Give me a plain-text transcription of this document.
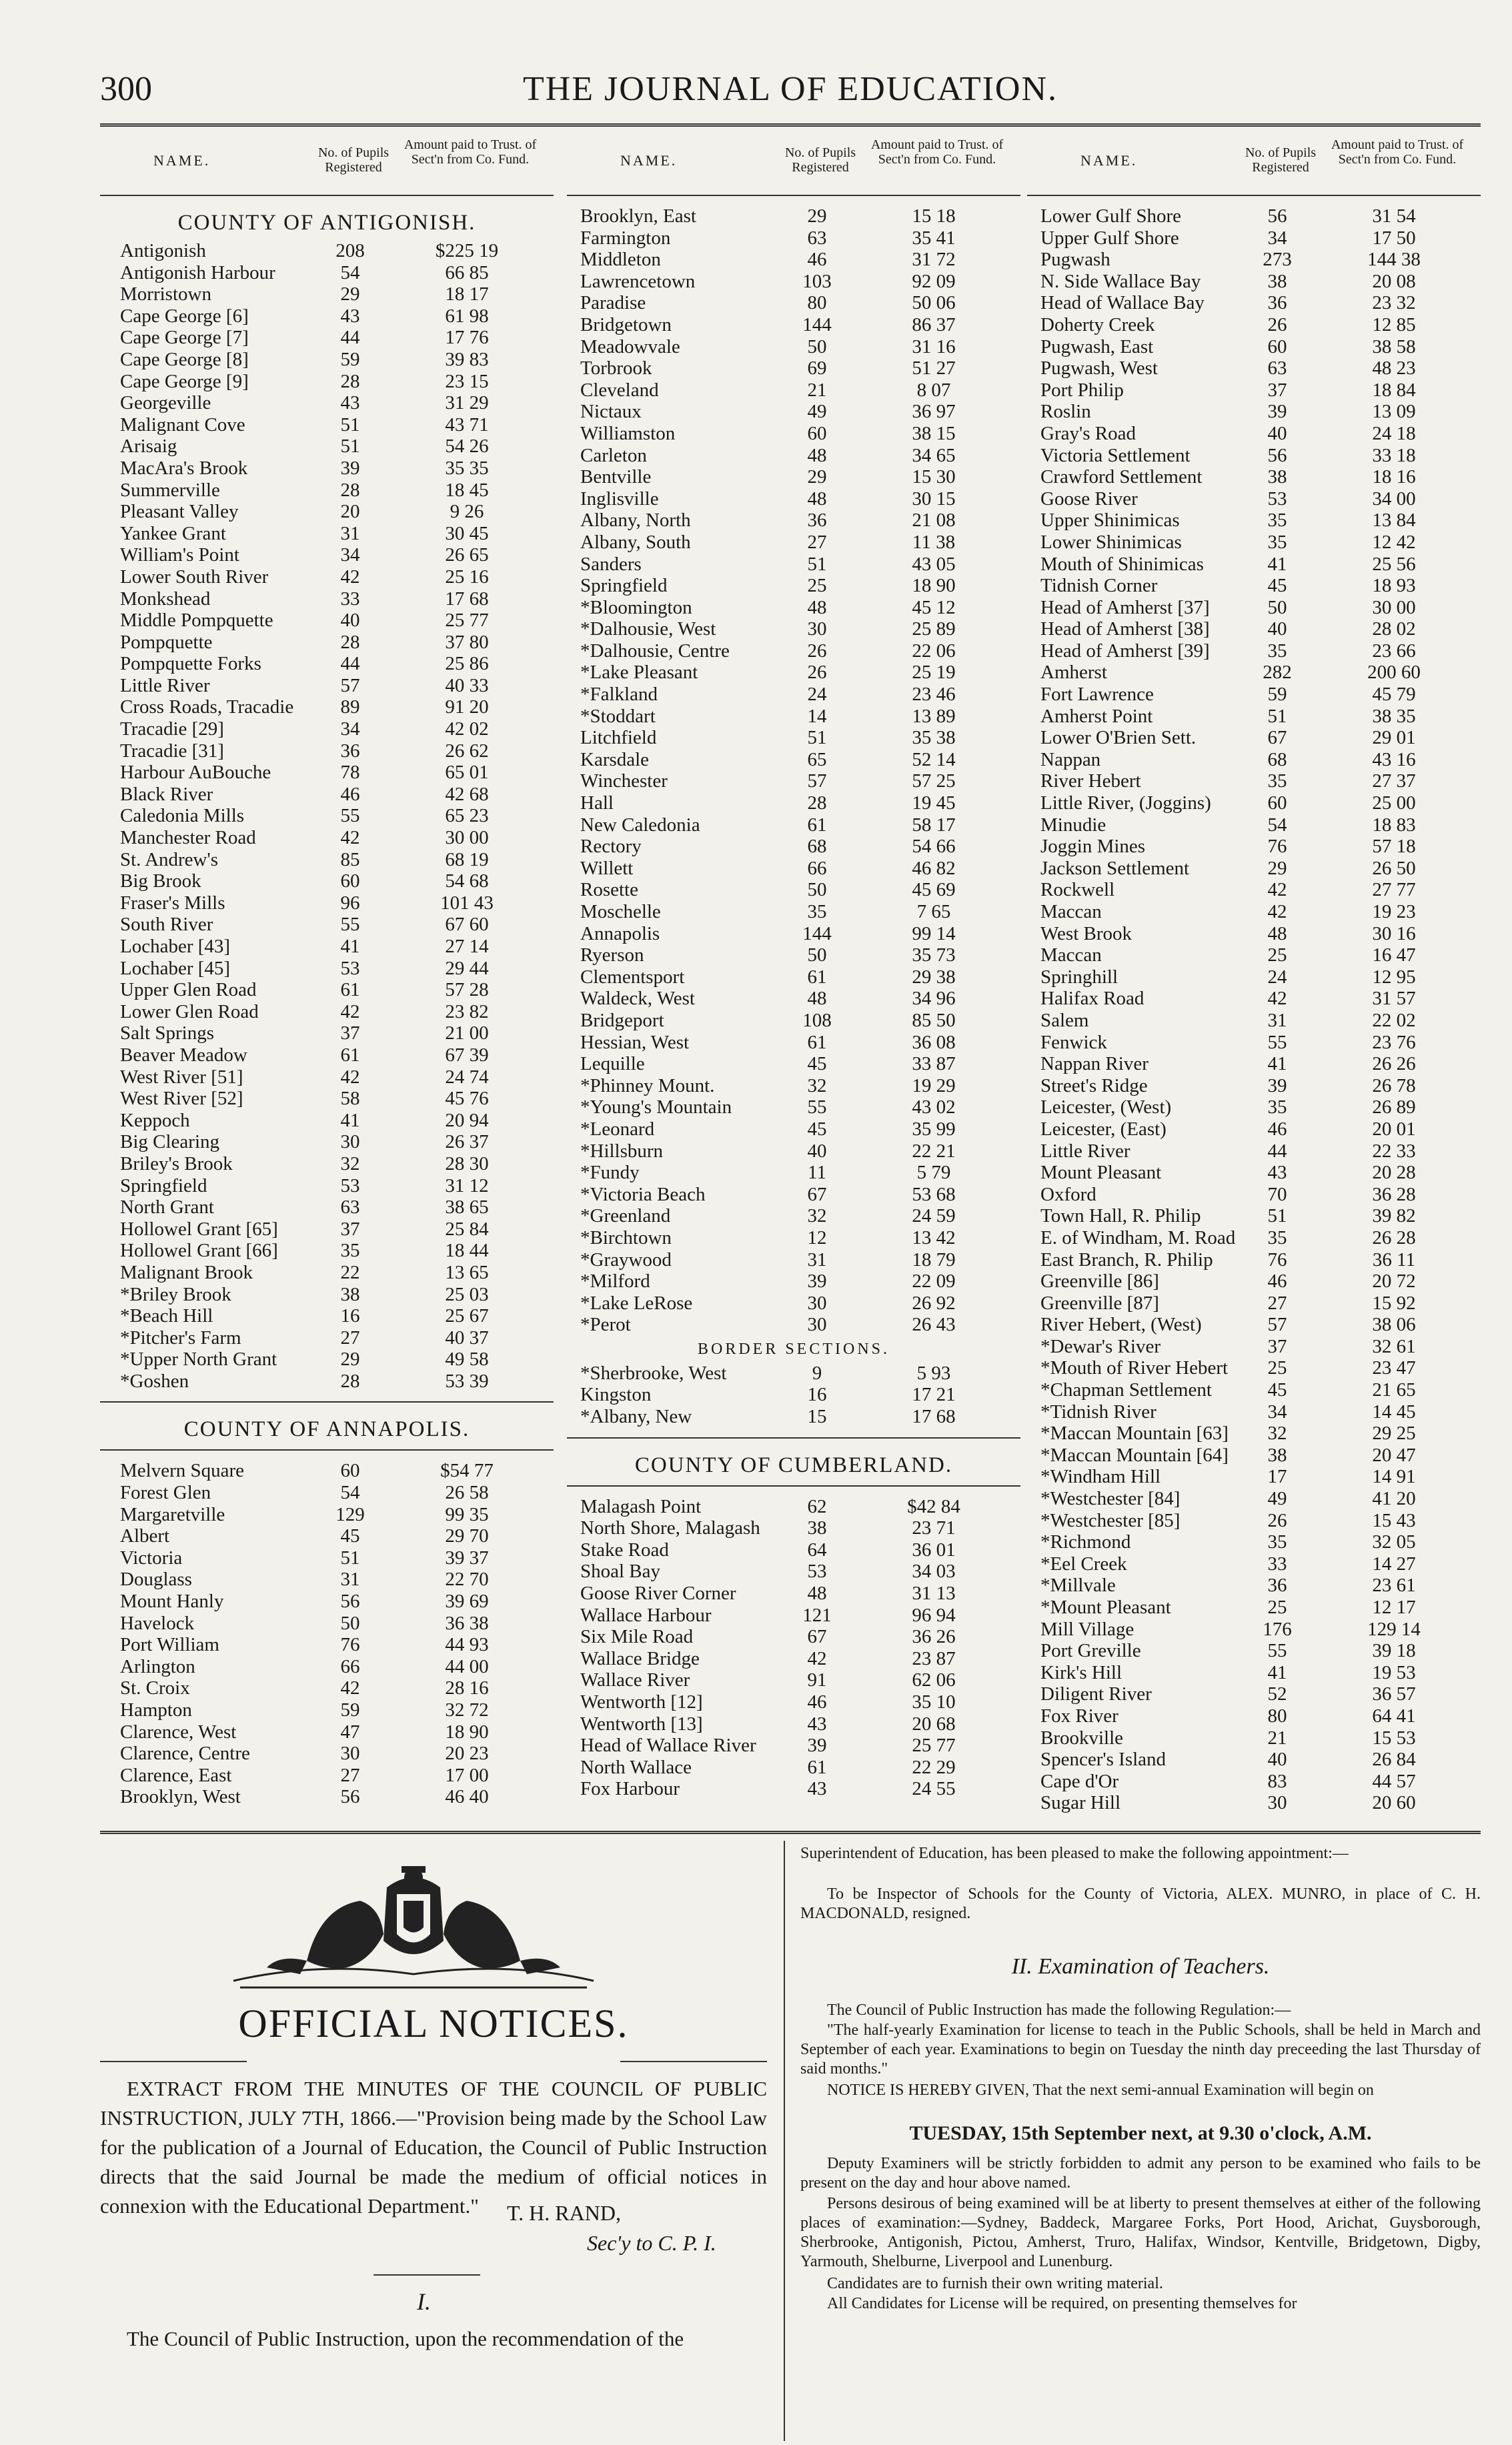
300	THE JOURNAL OF EDUCATION.
NAME.	No. of Pupils Registered
Amount paid to Trust. of Sect'n from Co. Fund.
COUNTY OF ANTIGONISH.
Antigonish	208	$225 19
Antigonish Harbour	54	66 85
Morristown	29	18 17
Cape George [6]	43	61 98
Cape George [7]	44	17 76
Cape George [8]	59	39 83
Cape George [9]	28	23 15
Georgeville	43	31 29
Malignant Cove	51	43 71
Arisaig	51	54 26
MacAra's Brook	39	35 35
Summerville	28	18 45
Pleasant Valley	20	9 26
Yankee Grant	31	30 45
William's Point	34	26 65
Lower South River	42	25 16
Monkshead	33	17 68
Middle Pompquette	40	25 77
Pompquette	28	37 80
Pompquette Forks	44	25 86
Little River	57	40 33
Cross Roads, Tracadie	89	91 20
Tracadie [29]	34	42 02
Tracadie [31]	36	26 62
Harbour AuBouche	78	65 01
Black River	46	42 68
Caledonia Mills	55	65 23
Manchester Road	42	30 00
St. Andrew's	85	68 19
Big Brook	60	54 68
Fraser's Mills	96	101 43
South River	55	67 60
Lochaber [43]	41	27 14
Lochaber [45]	53	29 44
Upper Glen Road	61	57 28
Lower Glen Road	42	23 82
Salt Springs	37	21 00
Beaver Meadow	61	67 39
West River [51]	42	24 74
West River [52]	58	45 76
Keppoch	41	20 94
Big Clearing	30	26 37
Briley's Brook	32	28 30
Springfield	53	31 12
North Grant	63	38 65
Hollowel Grant [65]	37	25 84
Hollowel Grant [66]	35	18 44
Malignant Brook	22	13 65
*Briley Brook	38	25 03
*Beach Hill	16	25 67
*Pitcher's Farm	27	40 37
*Upper North Grant	29	49 58
*Goshen	28	53 39
COUNTY OF ANNAPOLIS.
Melvern Square	60	$54 77
Forest Glen	54	26 58
Margaretville	129	99 35
Albert	45	29 70
Victoria	51	39 37
Douglass	31	22 70
Mount Hanly	56	39 69
Havelock	50	36 38
Port William	76	44 93
Arlington	66	44 00
St. Croix	42	28 16
Hampton	59	32 72
Clarence, West	47	18 90
Clarence, Centre	30	20 23
Clarence, East	27	17 00
Brooklyn, West	56	46 40
NAME.	No. of Pupils Registered
Amount paid to Trust. of Sect'n from Co. Fund.
Brooklyn, East	29	15 18
Farmington	63	35 41
Middleton	46	31 72
Lawrencetown	103	92 09
Paradise	80	50 06
Bridgetown	144	86 37
Meadowvale	50	31 16
Torbrook	69	51 27
Cleveland	21	8 07
Nictaux	49	36 97
Williamston	60	38 15
Carleton	48	34 65
Bentville	29	15 30
Inglisville	48	30 15
Albany, North	36	21 08
Albany, South	27	11 38
Sanders	51	43 05
Springfield	25	18 90
*Bloomington	48	45 12
*Dalhousie, West	30	25 89
*Dalhousie, Centre	26	22 06
*Lake Pleasant	26	25 19
*Falkland	24	23 46
*Stoddart	14	13 89
Litchfield	51	35 38
Karsdale	65	52 14
Winchester	57	57 25
Hall	28	19 45
New Caledonia	61	58 17
Rectory	68	54 66
Willett	66	46 82
Rosette	50	45 69
Moschelle	35	7 65
Annapolis	144	99 14
Ryerson	50	35 73
Clementsport	61	29 38
Waldeck, West	48	34 96
Bridgeport	108	85 50
Hessian, West	61	36 08
Lequille	45	33 87
*Phinney Mount.	32	19 29
*Young's Mountain	55	43 02
*Leonard	45	35 99
*Hillsburn	40	22 21
*Fundy	11	5 79
*Victoria Beach	67	53 68
*Greenland	32	24 59
*Birchtown	12	13 42
*Graywood	31	18 79
*Milford	39	22 09
*Lake LeRose	30	26 92
*Perot	30	26 43
BORDER SECTIONS.
*Sherbrooke, West	9	5 93
Kingston	16	17 21
*Albany, New	15	17 68
COUNTY OF CUMBERLAND.
Malagash Point	62	$42 84
North Shore, Malagash	38	23 71
Stake Road	64	36 01
Shoal Bay	53	34 03
Goose River Corner	48	31 13
Wallace Harbour	121	96 94
Six Mile Road	67	36 26
Wallace Bridge	42	23 87
Wallace River	91	62 06
Wentworth [12]	46	35 10
Wentworth [13]	43	20 68
Head of Wallace River	39	25 77
North Wallace	61	22 29
Fox Harbour	43	24 55
NAME.	No. of Pupils Registered
Amount paid to Trust. of Sect'n from Co. Fund.
Lower Gulf Shore	56	31 54
Upper Gulf Shore	34	17 50
Pugwash	273	144 38
N. Side Wallace Bay	38	20 08
Head of Wallace Bay	36	23 32
Doherty Creek	26	12 85
Pugwash, East	60	38 58
Pugwash, West	63	48 23
Port Philip	37	18 84
Roslin	39	13 09
Gray's Road	40	24 18
Victoria Settlement	56	33 18
Crawford Settlement	38	18 16
Goose River	53	34 00
Upper Shinimicas	35	13 84
Lower Shinimicas	35	12 42
Mouth of Shinimicas	41	25 56
Tidnish Corner	45	18 93
Head of Amherst [37]	50	30 00
Head of Amherst [38]	40	28 02
Head of Amherst [39]	35	23 66
Amherst	282	200 60
Fort Lawrence	59	45 79
Amherst Point	51	38 35
Lower O'Brien Sett.	67	29 01
Nappan	68	43 16
River Hebert	35	27 37
Little River, (Joggins)	60	25 00
Minudie	54	18 83
Joggin Mines	76	57 18
Jackson Settlement	29	26 50
Rockwell	42	27 77
Maccan	42	19 23
West Brook	48	30 16
Maccan	25	16 47
Springhill	24	12 95
Halifax Road	42	31 57
Salem	31	22 02
Fenwick	55	23 76
Nappan River	41	26 26
Street's Ridge	39	26 78
Leicester, (West)	35	26 89
Leicester, (East)	46	20 01
Little River	44	22 33
Mount Pleasant	43	20 28
Oxford	70	36 28
Town Hall, R. Philip	51	39 82
E. of Windham, M. Road	35	26 28
East Branch, R. Philip	76	36 11
Greenville [86]	46	20 72
Greenville [87]	27	15 92
River Hebert, (West)	57	38 06
*Dewar's River	37	32 61
*Mouth of River Hebert	25	23 47
*Chapman Settlement	45	21 65
*Tidnish River	34	14 45
*Maccan Mountain [63]	32	29 25
*Maccan Mountain [64]	38	20 47
*Windham Hill	17	14 91
*Westchester [84]	49	41 20
*Westchester [85]	26	15 43
*Richmond	35	32 05
*Eel Creek	33	14 27
*Millvale	36	23 61
*Mount Pleasant	25	12 17
Mill Village	176	129 14
Port Greville	55	39 18
Kirk's Hill	41	19 53
Diligent River	52	36 57
Fox River	80	64 41
Brookville	21	15 53
Spencer's Island	40	26 84
Cape d'Or	83	44 57
Sugar Hill	30	20 60
OFFICIAL NOTICES.
EXTRACT FROM THE MINUTES OF THE COUNCIL OF PUBLIC INSTRUCTION, JULY 7TH, 1866.—"Provision being made by the School Law for the publication of a Journal of Education, the Council of Public Instruction directs that the said Journal be made the medium of official notices in connexion with the Educational Department."	T. H. RAND,
Sec'y to C. P. I.
I.
The Council of Public Instruction, upon the recommendation of the
Superintendent of Education, has been pleased to make the following appointment:—
To be Inspector of Schools for the County of Victoria, ALEX. MUNRO, in place of C. H. MACDONALD, resigned.
II. Examination of Teachers.
The Council of Public Instruction has made the following Regulation:—
"The half-yearly Examination for license to teach in the Public Schools, shall be held in March and September of each year. Examinations to begin on Tuesday the ninth day preceeding the last Thursday of said months."
NOTICE IS HEREBY GIVEN, That the next semi-annual Examination will begin on
TUESDAY, 15th September next, at 9.30 o'clock, A.M.
Deputy Examiners will be strictly forbidden to admit any person to be examined who fails to be present on the day and hour above named.
Persons desirous of being examined will be at liberty to present themselves at either of the following places of examination:—Sydney, Baddeck, Margaree Forks, Port Hood, Arichat, Guysborough, Sherbrooke, Antigonish, Pictou, Amherst, Truro, Halifax, Windsor, Kentville, Bridgetown, Digby, Yarmouth, Shelburne, Liverpool and Lunenburg.
Candidates are to furnish their own writing material.
All Candidates for License will be required, on presenting themselves for
